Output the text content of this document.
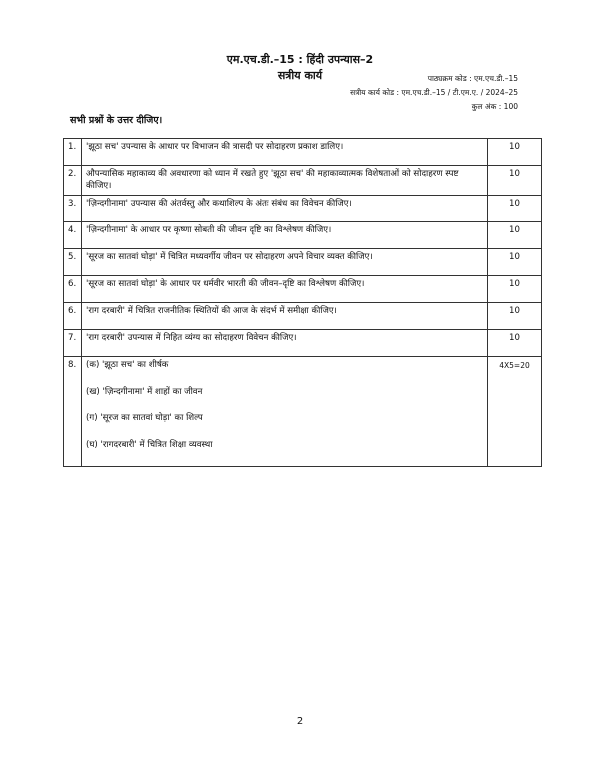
एम.एच.डी.–15 : हिंदी उपन्यास–2
सत्रीय कार्य	पाठ्यक्रम कोड : एम.एच.डी.–15
सत्रीय कार्य कोड : एम.एच.डी.–15 / टी.एम.ए. / 2024–25
कुल अंक : 100
सभी प्रश्नों के उत्तर दीजिए।
1.	'झूठा सच' उपन्यास के आधार पर विभाजन की त्रासदी पर सोदाहरण प्रकाश डालिए।	10
2.	औपन्यासिक महाकाव्य की अवधारणा को ध्यान में रखते हुए 'झूठा सच' की महाकाव्यात्मक विशेषताओं को सोदाहरण स्पष्ट कीजिए।	10
3.	'ज़िन्दगीनामा' उपन्यास की अंतर्वस्तु और कथाशिल्प के अंतः संबंध का विवेचन कीजिए।	10
4.	'ज़िन्दगीनामा' के आधार पर कृष्णा सोबती की जीवन दृष्टि का विश्लेषण कीजिए।	10
5.	'सूरज का सातवां घोड़ा' में चित्रित मध्यवर्गीय जीवन पर सोदाहरण अपने विचार व्यक्त कीजिए।	10
6.	'सूरज का सातवां घोड़ा' के आधार पर धर्मवीर भारती की जीवन–दृष्टि का विश्लेषण कीजिए।	10
6.	'राग दरबारी' में चित्रित राजनीतिक स्थितियों की आज के संदर्भ में समीक्षा कीजिए।	10
7.	'राग दरबारी' उपन्यास में निहित व्यंग्य का सोदाहरण विवेचन कीजिए।	10
8.	(क) 'झूठा सच' का शीर्षक
(ख) 'ज़िन्दगीनामा' में शाहों का जीवन
(ग) 'सूरज का सातवां घोड़ा' का शिल्प
(घ) 'रागदरबारी' में चित्रित शिक्षा व्यवस्था	4X5=20
2
